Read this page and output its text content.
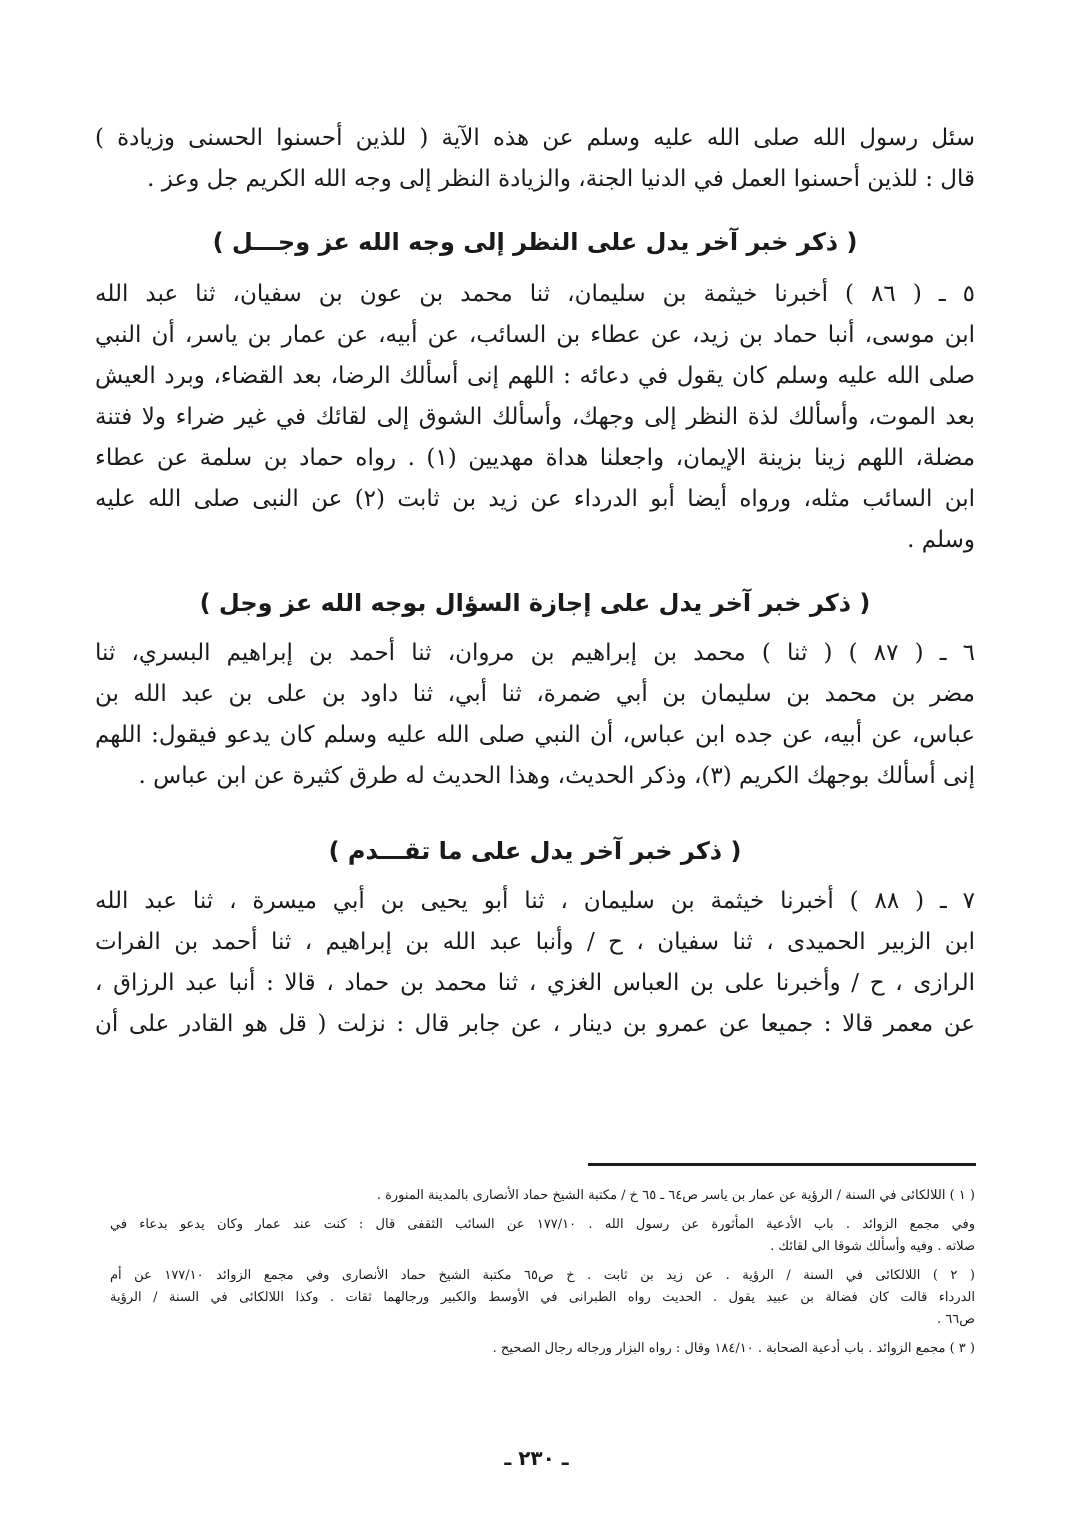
سئل رسول الله صلى الله عليه وسلم عن هذه الآية ( للذين أحسنوا الحسنى وزيادة )
قال : للذين أحسنوا العمل في الدنيا الجنة، والزيادة النظر إلى وجه الله الكريم جل وعز .

( ذكر خبر آخر يدل على النظر إلى وجه الله عز وجـــل )

٥ ـ ( ٨٦ ) أخبرنا خيثمة بن سليمان، ثنا محمد بن عون بن سفيان، ثنا عبد الله
ابن موسى، أنبا حماد بن زيد، عن عطاء بن السائب، عن أبيه، عن عمار بن ياسر، أن النبي
صلى الله عليه وسلم كان يقول في دعائه : اللهم إنى أسألك الرضا، بعد القضاء، وبرد العيش
بعد الموت، وأسألك لذة النظر إلى وجهك، وأسألك الشوق إلى لقائك في غير ضراء ولا فتنة
مضلة، اللهم زينا بزينة الإيمان، واجعلنا هداة مهديين (١) . رواه حماد بن سلمة عن عطاء
ابن السائب مثله، ورواه أيضا أبو الدرداء عن زيد بن ثابت (٢) عن النبى صلى الله عليه
وسلم .

( ذكر خبر آخر يدل على إجازة السؤال بوجه الله عز وجل )

٦ ـ ( ٨٧ ) ( ثنا ) محمد بن إبراهيم بن مروان، ثنا أحمد بن إبراهيم البسري، ثنا
مضر بن محمد بن سليمان بن أبي ضمرة، ثنا أبي، ثنا داود بن على بن عبد الله بن
عباس، عن أبيه، عن جده ابن عباس، أن النبي صلى الله عليه وسلم كان يدعو فيقول: اللهم
إنى أسألك بوجهك الكريم (٣)، وذكر الحديث، وهذا الحديث له طرق كثيرة عن ابن عباس .

( ذكر خبر آخر يدل على ما تقـــدم )

٧ ـ ( ٨٨ ) أخبرنا خيثمة بن سليمان ، ثنا أبو يحيى بن أبي ميسرة ، ثنا عبد الله
ابن الزبير الحميدى ، ثنا سفيان ، ح / وأنبا عبد الله بن إبراهيم ، ثنا أحمد بن الفرات
الرازى ، ح / وأخبرنا على بن العباس الغزي ، ثنا محمد بن حماد ، قالا : أنبا عبد الرزاق ،
عن معمر قالا : جميعا عن عمرو بن دينار ، عن جابر قال : نزلت ( قل هو القادر على أن

( ١ ) اللالكائى في السنة / الرؤية عن عمار بن ياسر ص٦٤ ـ ٦٥ خ / مكتبة الشيخ حماد الأنصارى بالمدينة المنورة .

وفي مجمع الزوائد . باب الأدعية المأثورة عن رسول الله . ١٧٧/١٠ عن السائب الثقفى قال : كنت عند عمار وكان يدعو بدعاء في
صلاته . وفيه وأسألك شوقا الى لقائك .

( ٢ ) اللالكائى في السنة / الرؤية . عن زيد بن ثابت . خ ص٦٥ مكتبة الشيخ حماد الأنصارى وفي مجمع الزوائد ١٧٧/١٠ عن أم
الدرداء قالت كان فضالة بن عبيد يقول . الحديث رواه الطبرانى في الأوسط والكبير ورجالهما ثقات . وكذا اللالكائى في السنة / الرؤية
ص٦٦ .

( ٣ ) مجمع الزوائد . باب أدعية الصحابة . ١٨٤/١٠ وقال : رواه البزار ورجاله رجال الصحيح .

ـ ٢٣٠ ـ
